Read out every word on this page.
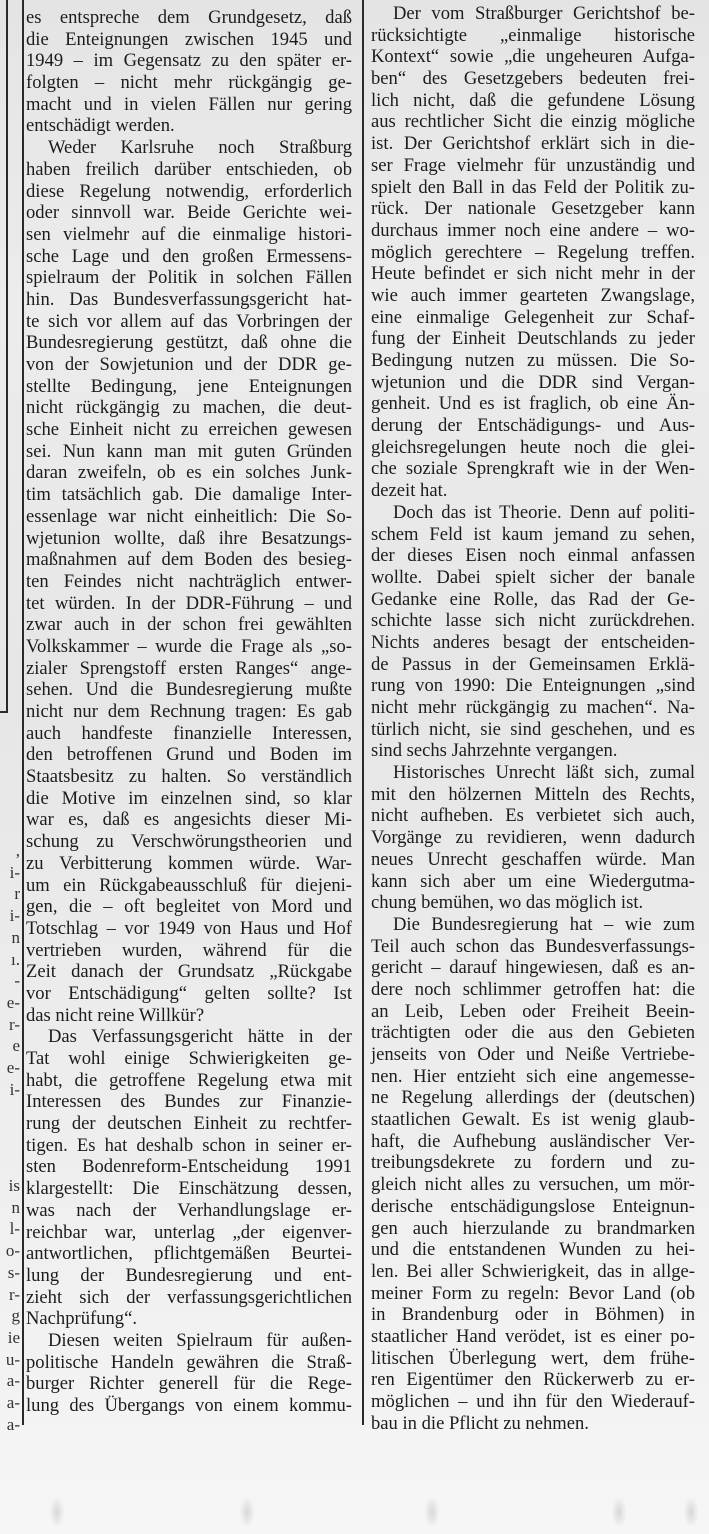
,
i-
r
i-
n
ı.
-
e-
r-
e
e-
i-
is
n
l-
o-
s-
r-
g
ie
u-
a-
a-
a-
es entspreche dem Grundgesetz, daß
die Enteignungen zwischen 1945 und
1949 – im Gegensatz zu den später er-
folgten – nicht mehr rückgängig ge-
macht und in vielen Fällen nur gering
entschädigt werden.
Weder Karlsruhe noch Straßburg
haben freilich darüber entschieden, ob
diese Regelung notwendig, erforderlich
oder sinnvoll war. Beide Gerichte wei-
sen vielmehr auf die einmalige histori-
sche Lage und den großen Ermessens-
spielraum der Politik in solchen Fällen
hin. Das Bundesverfassungsgericht hat-
te sich vor allem auf das Vorbringen der
Bundesregierung gestützt, daß ohne die
von der Sowjetunion und der DDR ge-
stellte Bedingung, jene Enteignungen
nicht rückgängig zu machen, die deut-
sche Einheit nicht zu erreichen gewesen
sei. Nun kann man mit guten Gründen
daran zweifeln, ob es ein solches Junk-
tim tatsächlich gab. Die damalige Inter-
essenlage war nicht einheitlich: Die So-
wjetunion wollte, daß ihre Besatzungs-
maßnahmen auf dem Boden des besieg-
ten Feindes nicht nachträglich entwer-
tet würden. In der DDR-Führung – und
zwar auch in der schon frei gewählten
Volkskammer – wurde die Frage als „so-
zialer Sprengstoff ersten Ranges“ ange-
sehen. Und die Bundesregierung mußte
nicht nur dem Rechnung tragen: Es gab
auch handfeste finanzielle Interessen,
den betroffenen Grund und Boden im
Staatsbesitz zu halten. So verständlich
die Motive im einzelnen sind, so klar
war es, daß es angesichts dieser Mi-
schung zu Verschwörungstheorien und
zu Verbitterung kommen würde. War-
um ein Rückgabeausschluß für diejeni-
gen, die – oft begleitet von Mord und
Totschlag – vor 1949 von Haus und Hof
vertrieben wurden, während für die
Zeit danach der Grundsatz „Rückgabe
vor Entschädigung“ gelten sollte? Ist
das nicht reine Willkür?
Das Verfassungsgericht hätte in der
Tat wohl einige Schwierigkeiten ge-
habt, die getroffene Regelung etwa mit
Interessen des Bundes zur Finanzie-
rung der deutschen Einheit zu rechtfer-
tigen. Es hat deshalb schon in seiner er-
sten Bodenreform-Entscheidung 1991
klargestellt: Die Einschätzung dessen,
was nach der Verhandlungslage er-
reichbar war, unterlag „der eigenver-
antwortlichen, pflichtgemäßen Beurtei-
lung der Bundesregierung und ent-
zieht sich der verfassungsgerichtlichen
Nachprüfung“.
Diesen weiten Spielraum für außen-
politische Handeln gewähren die Straß-
burger Richter generell für die Rege-
lung des Übergangs von einem kommu-
Der vom Straßburger Gerichtshof be-
rücksichtigte „einmalige historische
Kontext“ sowie „die ungeheuren Aufga-
ben“ des Gesetzgebers bedeuten frei-
lich nicht, daß die gefundene Lösung
aus rechtlicher Sicht die einzig mögliche
ist. Der Gerichtshof erklärt sich in die-
ser Frage vielmehr für unzuständig und
spielt den Ball in das Feld der Politik zu-
rück. Der nationale Gesetzgeber kann
durchaus immer noch eine andere – wo-
möglich gerechtere – Regelung treffen.
Heute befindet er sich nicht mehr in der
wie auch immer gearteten Zwangslage,
eine einmalige Gelegenheit zur Schaf-
fung der Einheit Deutschlands zu jeder
Bedingung nutzen zu müssen. Die So-
wjetunion und die DDR sind Vergan-
genheit. Und es ist fraglich, ob eine Än-
derung der Entschädigungs- und Aus-
gleichsregelungen heute noch die glei-
che soziale Sprengkraft wie in der Wen-
dezeit hat.
Doch das ist Theorie. Denn auf politi-
schem Feld ist kaum jemand zu sehen,
der dieses Eisen noch einmal anfassen
wollte. Dabei spielt sicher der banale
Gedanke eine Rolle, das Rad der Ge-
schichte lasse sich nicht zurückdrehen.
Nichts anderes besagt der entscheiden-
de Passus in der Gemeinsamen Erklä-
rung von 1990: Die Enteignungen „sind
nicht mehr rückgängig zu machen“. Na-
türlich nicht, sie sind geschehen, und es
sind sechs Jahrzehnte vergangen.
Historisches Unrecht läßt sich, zumal
mit den hölzernen Mitteln des Rechts,
nicht aufheben. Es verbietet sich auch,
Vorgänge zu revidieren, wenn dadurch
neues Unrecht geschaffen würde. Man
kann sich aber um eine Wiedergutma-
chung bemühen, wo das möglich ist.
Die Bundesregierung hat – wie zum
Teil auch schon das Bundesverfassungs-
gericht – darauf hingewiesen, daß es an-
dere noch schlimmer getroffen hat: die
an Leib, Leben oder Freiheit Beein-
trächtigten oder die aus den Gebieten
jenseits von Oder und Neiße Vertriebe-
nen. Hier entzieht sich eine angemesse-
ne Regelung allerdings der (deutschen)
staatlichen Gewalt. Es ist wenig glaub-
haft, die Aufhebung ausländischer Ver-
treibungsdekrete zu fordern und zu-
gleich nicht alles zu versuchen, um mör-
derische entschädigungslose Enteignun-
gen auch hierzulande zu brandmarken
und die entstandenen Wunden zu hei-
len. Bei aller Schwierigkeit, das in allge-
meiner Form zu regeln: Bevor Land (ob
in Brandenburg oder in Böhmen) in
staatlicher Hand verödet, ist es einer po-
litischen Überlegung wert, dem frühe-
ren Eigentümer den Rückerwerb zu er-
möglichen – und ihn für den Wiederauf-
bau in die Pflicht zu nehmen.
